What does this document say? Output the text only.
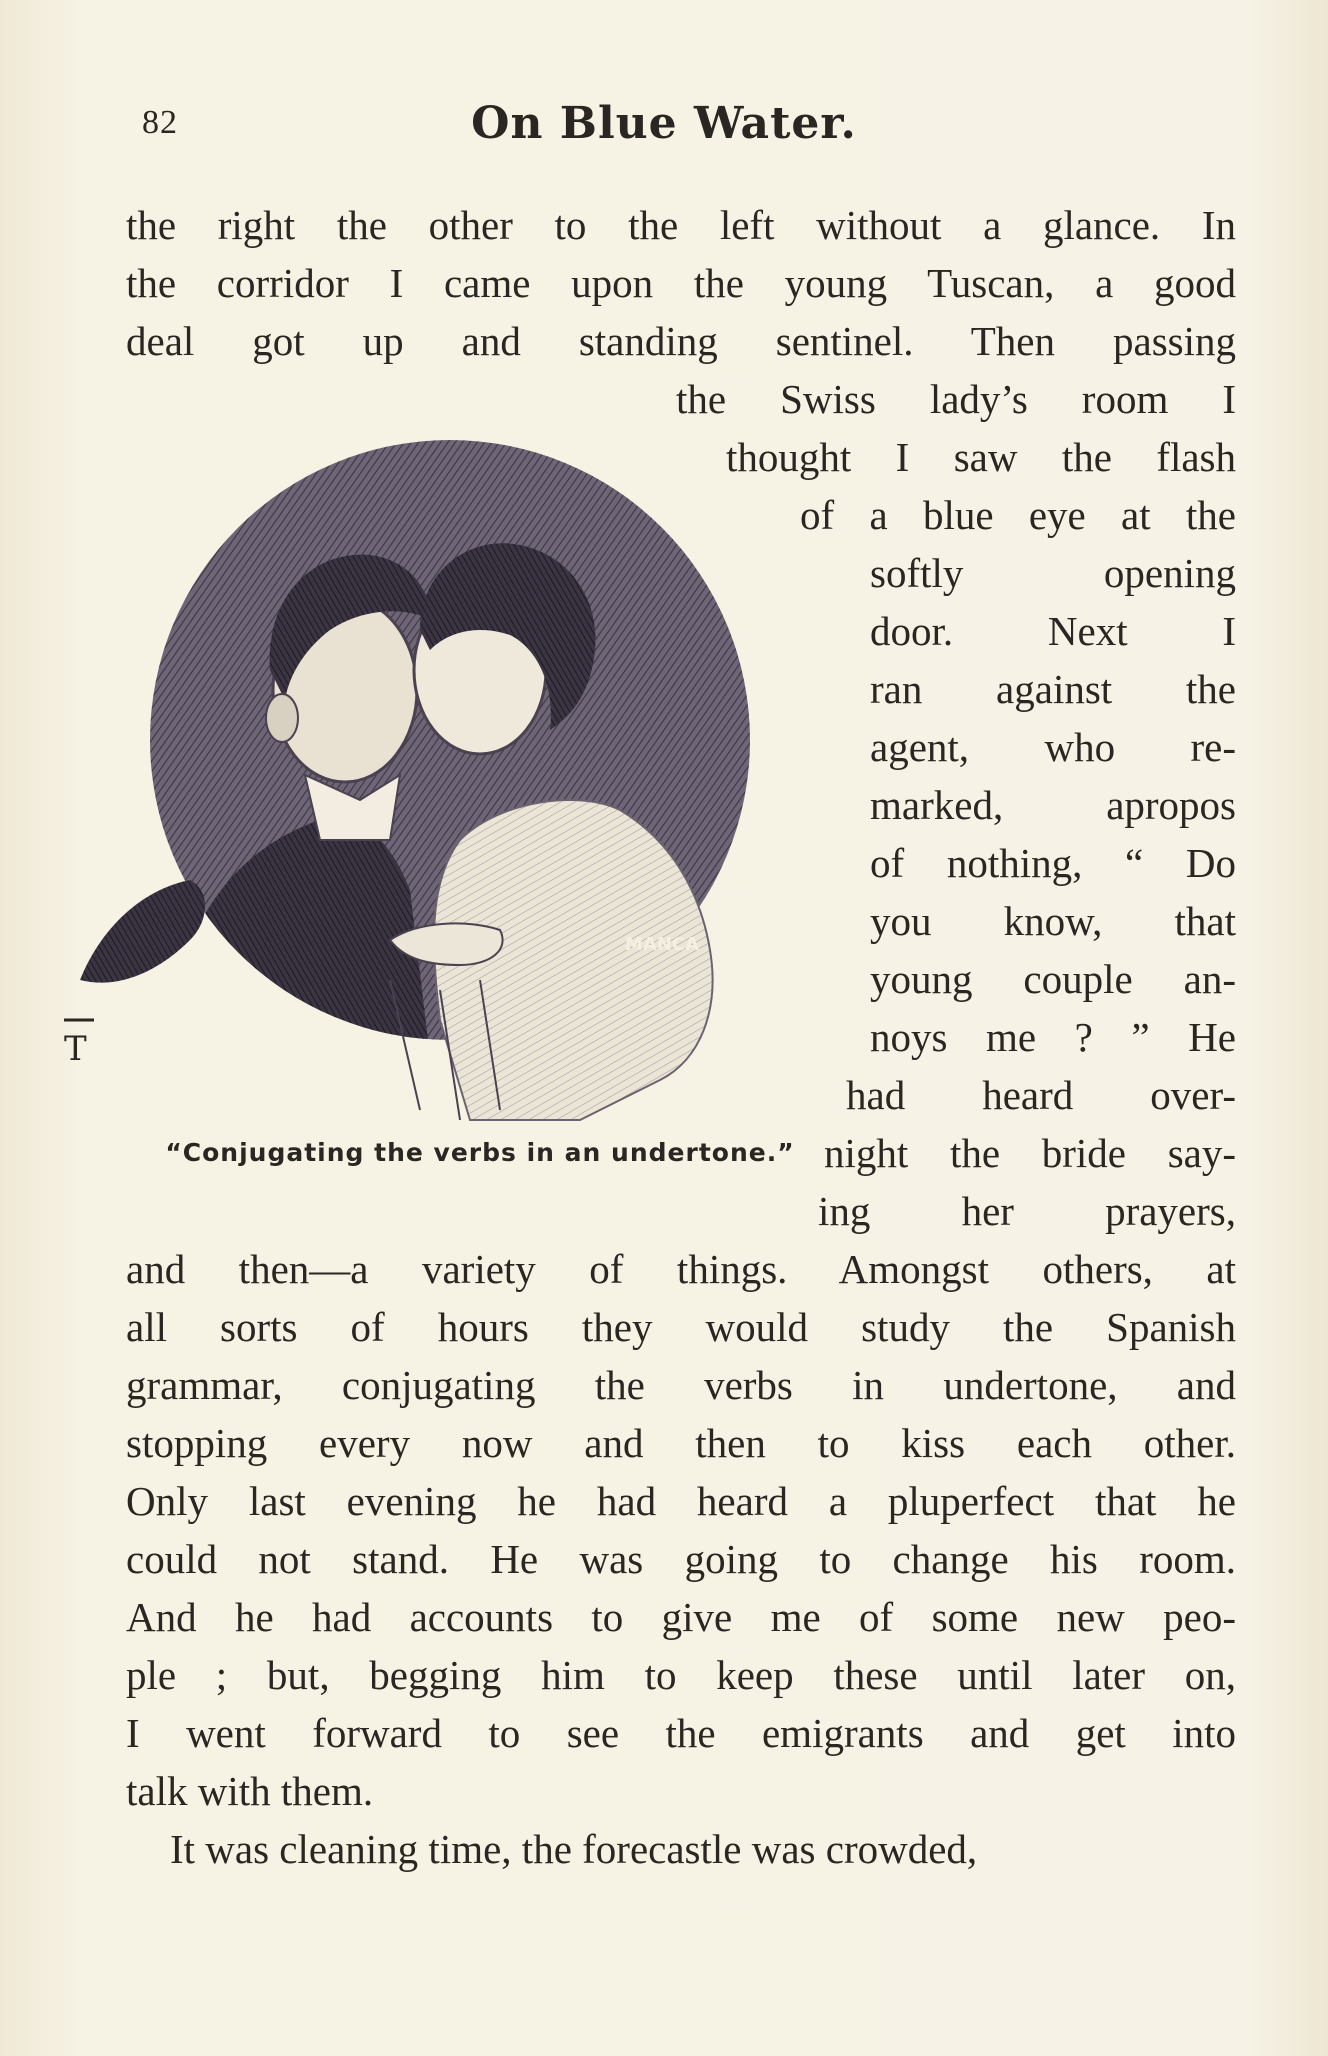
82	On Blue Water.
the right the other to the left without a glance. In
the corridor I came upon the young Tuscan, a good
deal got up and standing sentinel. Then passing
the Swiss lady’s room I
thought I saw the flash
of a blue eye at the
softly opening
door. Next I
ran against the
agent, who re-
marked, apropos
of nothing, “ Do
you know, that
young couple an-
noys me ? ” He
had heard over-
night the bride say-
ing her prayers,
MANCA
T
“Conjugating the verbs in an undertone.”
and then—a variety of things. Amongst others, at
all sorts of hours they would study the Spanish
grammar, conjugating the verbs in undertone, and
stopping every now and then to kiss each other.
Only last evening he had heard a pluperfect that he
could not stand. He was going to change his room.
And he had accounts to give me of some new peo-
ple ; but, begging him to keep these until later on,
I went forward to see the emigrants and get into
talk with them.
It was cleaning time, the forecastle was crowded,
